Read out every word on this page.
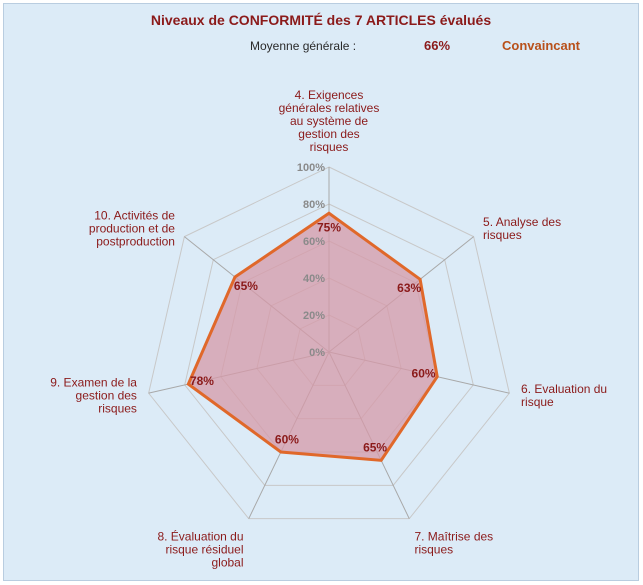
Niveaux de CONFORMITÉ des 7 ARTICLES évalués
Moyenne générale :	66%	Convaincant
0%
20%
40%
60%
80%
100%
75%
63%
60%
65%
60%
78%
65%
4. Exigences générales relatives au système de gestion des risques
5. Analyse des risques
6. Evaluation du risque
7. Maîtrise des risques
8. Évaluation du risque résiduel global
9. Examen de la gestion des risques
10. Activités de production et de postproduction
